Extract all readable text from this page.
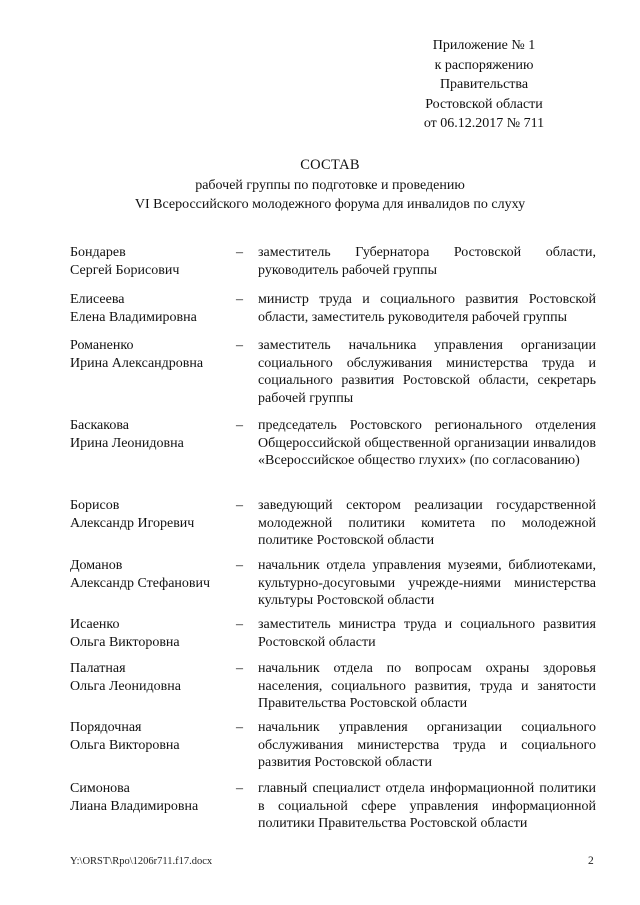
Приложение № 1
к распоряжению
Правительства
Ростовской области
от 06.12.2017 № 711
СОСТАВ
рабочей группы по подготовке и проведению
VI Всероссийского молодежного форума для инвалидов по слуху
Бондарев
Сергей Борисович
–	заместитель Губернатора Ростовской области, руководитель рабочей группы
Елисеева
Елена Владимировна
–	министр труда и социального развития Ростовской области, заместитель руководителя рабочей группы
Романенко
Ирина Александровна
–	заместитель начальника управления организации социального обслуживания министерства труда и социального развития Ростовской области, секретарь рабочей группы
Баскакова
Ирина Леонидовна
–	председатель Ростовского регионального отделения Общероссийской общественной организации инвалидов «Всероссийское общество глухих» (по согласованию)
Борисов
Александр Игоревич
–	заведующий сектором реализации государственной молодежной политики комитета по молодежной политике Ростовской области
Доманов
Александр Стефанович
–	начальник отдела управления музеями, библиотеками, культурно-досуговыми учрежде-ниями министерства культуры Ростовской области
Исаенко
Ольга Викторовна
–	заместитель министра труда и социального развития Ростовской области
Палатная
Ольга Леонидовна
–	начальник отдела по вопросам охраны здоровья населения, социального развития, труда и занятости Правительства Ростовской области
Порядочная
Ольга Викторовна
–	начальник управления организации социального обслуживания министерства труда и социального развития Ростовской области
Симонова
Лиана Владимировна
–	главный специалист отдела информационной политики в социальной сфере управления информационной политики Правительства Ростовской области
Y:\ORST\Rpo\1206r711.f17.docx	2
